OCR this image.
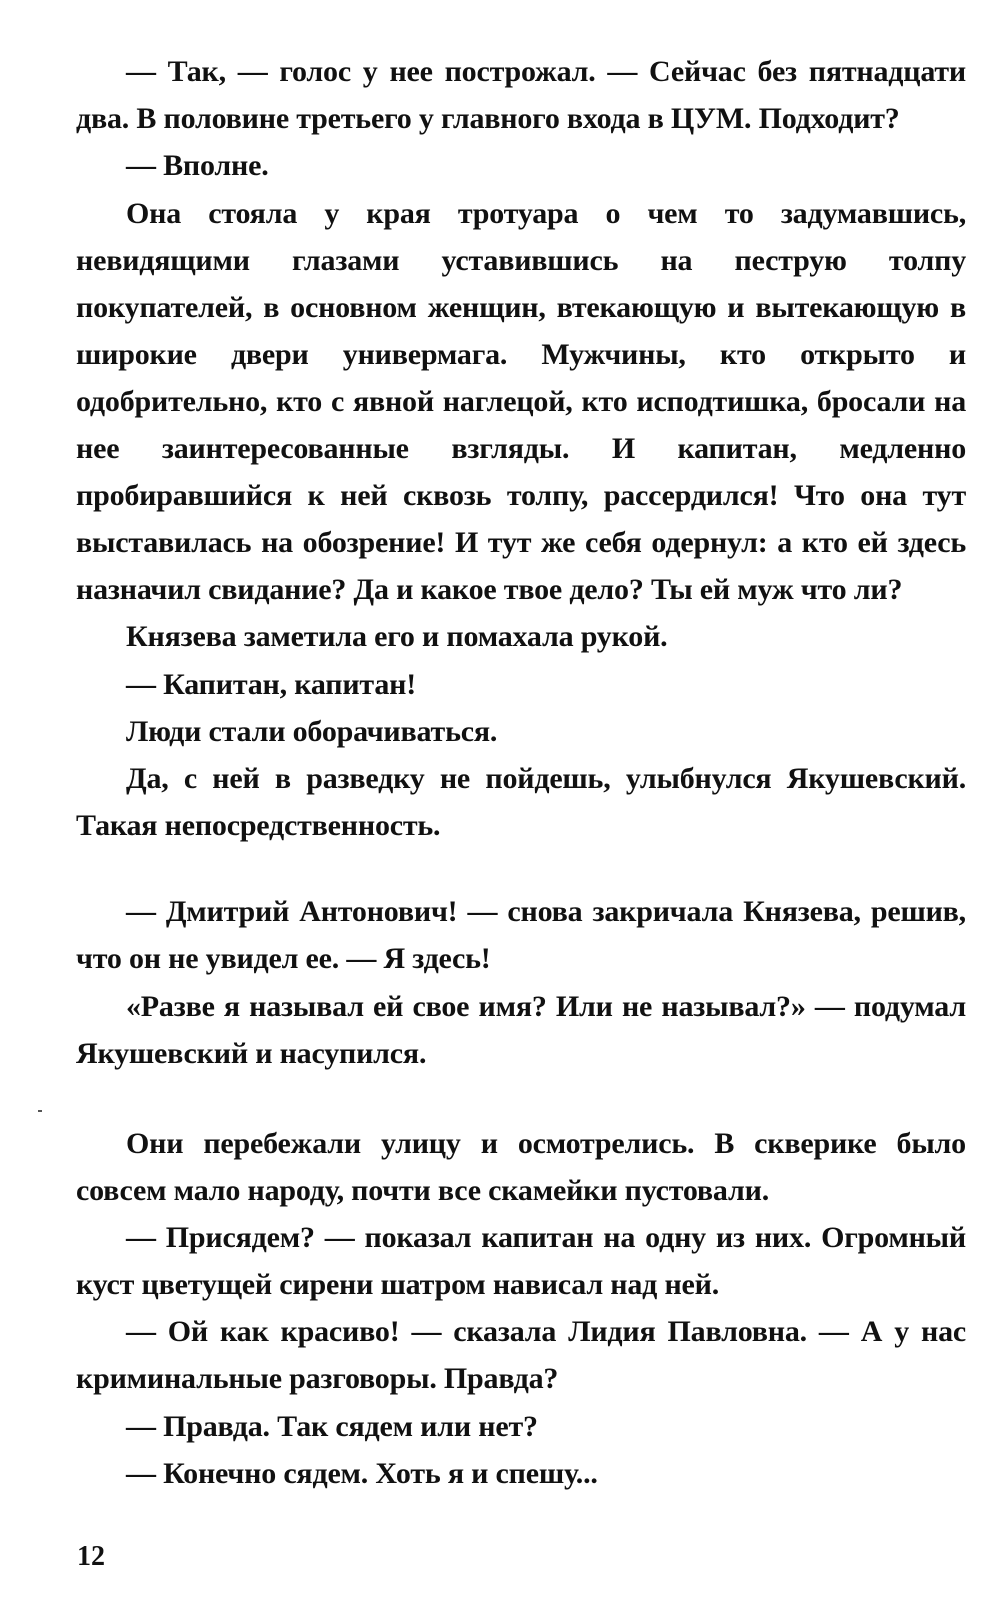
— Так, — голос у нее построжал. — Сейчас без пятнадцати два. В половине третьего у главного входа в ЦУМ. Подходит?

— Вполне.

Она стояла у края тротуара о чем то задумавшись, невидящими глазами уставившись на пеструю толпу покупателей, в основном женщин, втекающую и вытекающую в широкие двери универмага. Мужчины, кто открыто и одобрительно, кто с явной наглецой, кто исподтишка, бросали на нее заинтересованные взгляды. И капитан, медленно пробиравшийся к ней сквозь толпу, рассердился! Что она тут выставилась на обозрение! И тут же себя одернул: а кто ей здесь назначил свидание? Да и какое твое дело? Ты ей муж что ли?

Князева заметила его и помахала рукой.

— Капитан, капитан!

Люди стали оборачиваться.

Да, с ней в разведку не пойдешь, улыбнулся Якушевский. Такая непосредственность.

— Дмитрий Антонович! — снова закричала Князева, решив, что он не увидел ее. — Я здесь!

«Разве я называл ей свое имя? Или не называл?» — подумал Якушевский и насупился.

Они перебежали улицу и осмотрелись. В скверике было совсем мало народу, почти все скамейки пустовали.

— Присядем? — показал капитан на одну из них. Огромный куст цветущей сирени шатром нависал над ней.

— Ой как красиво! — сказала Лидия Павловна. — А у нас криминальные разговоры. Правда?

— Правда. Так сядем или нет?

— Конечно сядем. Хоть я и спешу...

12
